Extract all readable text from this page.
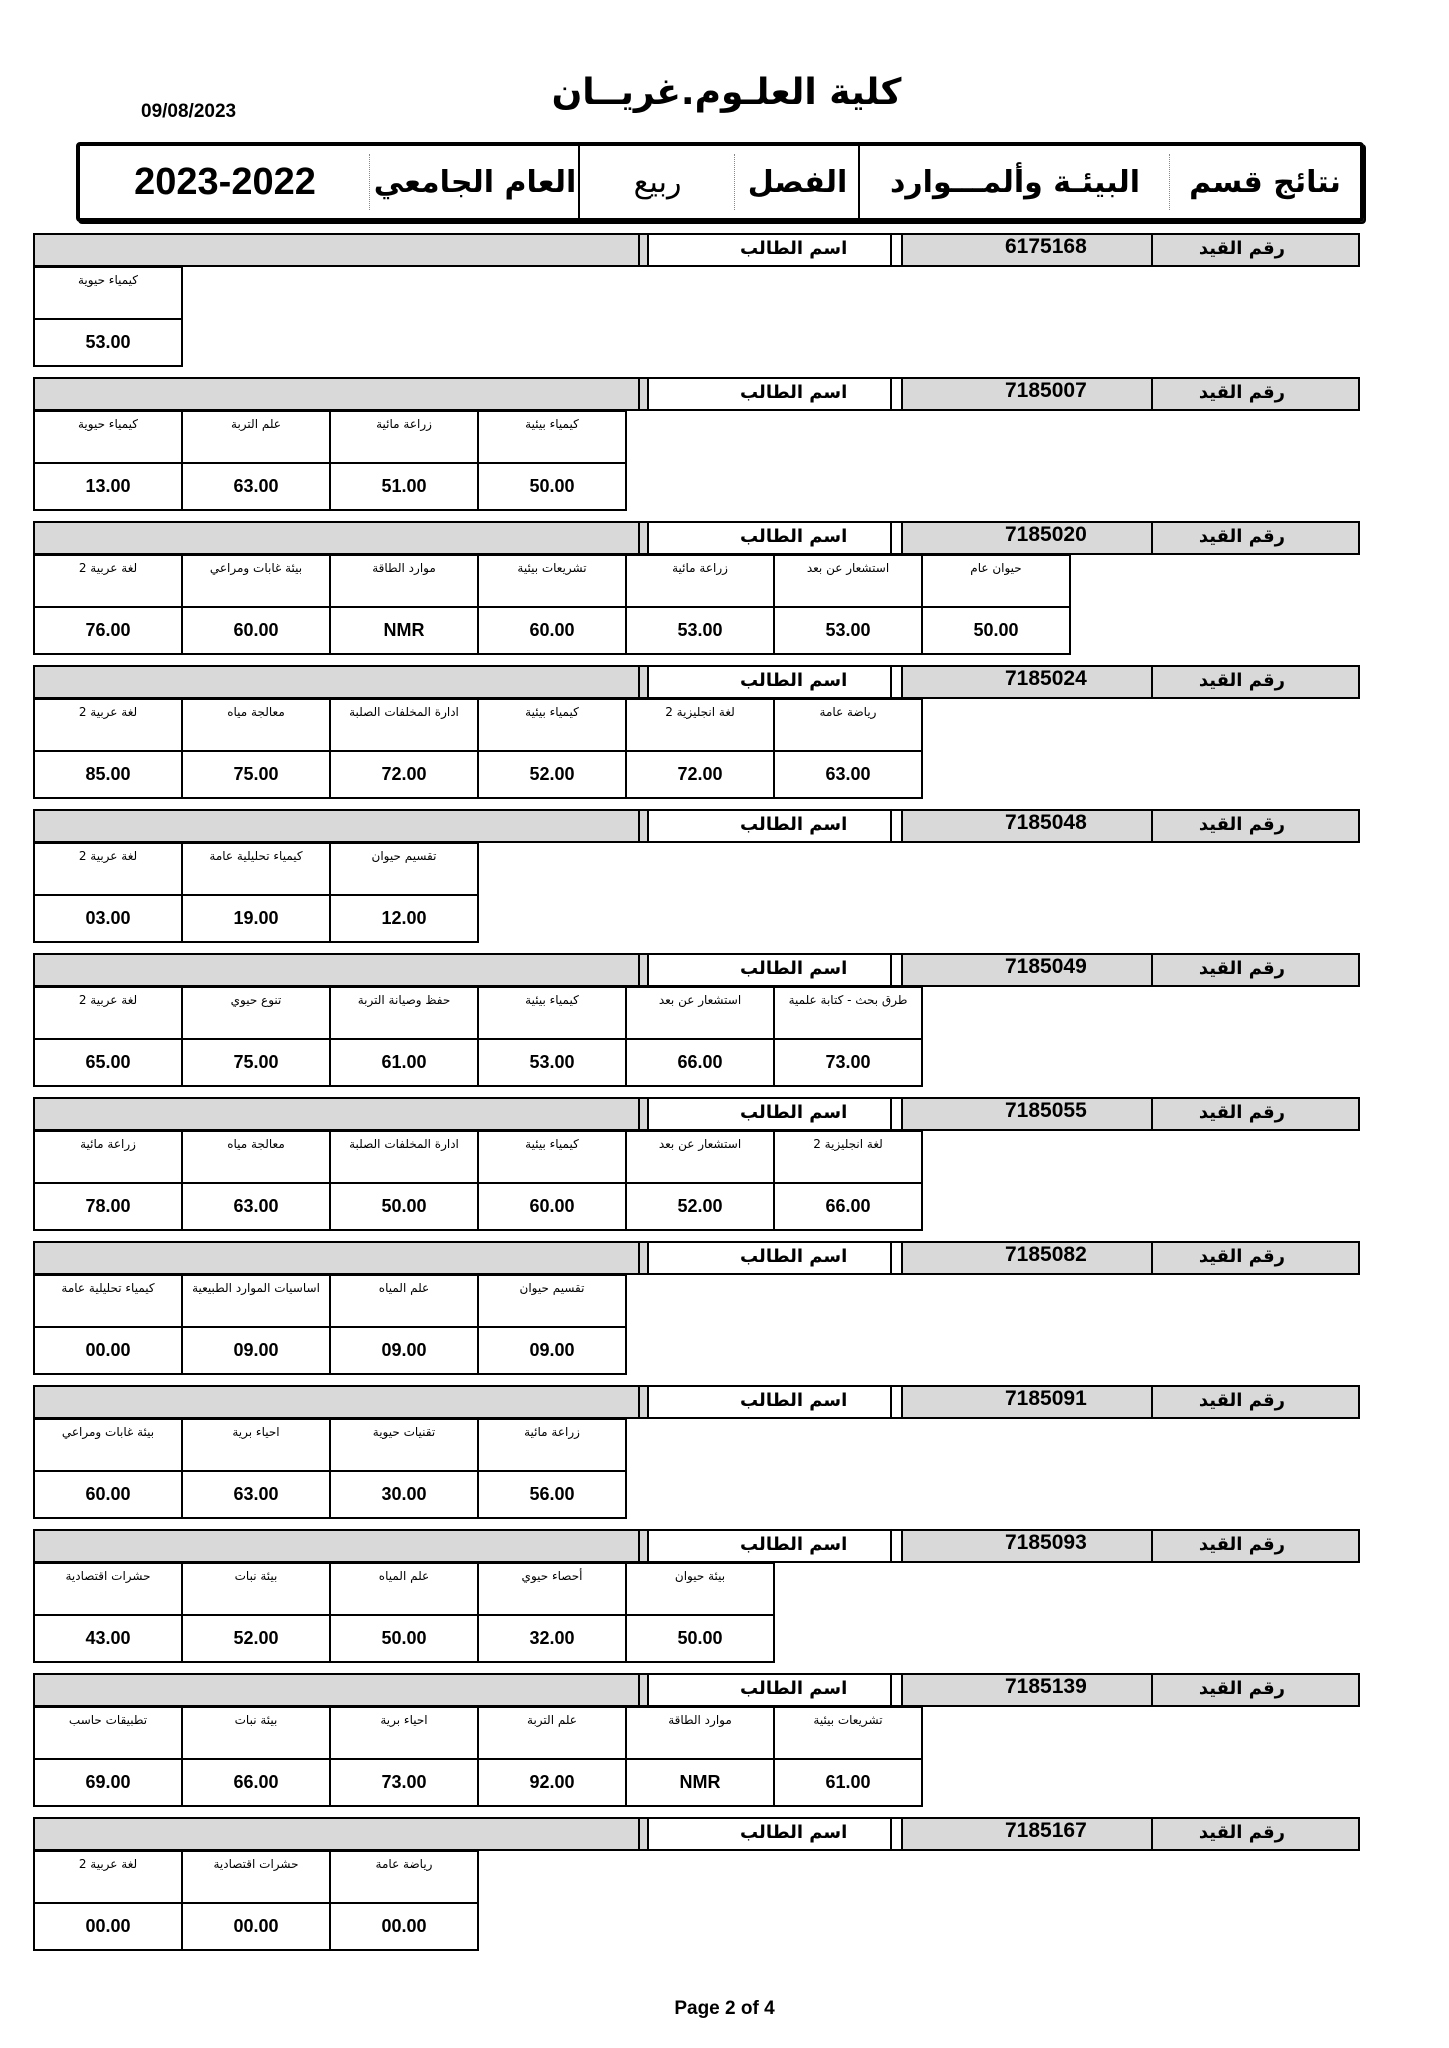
09/08/2023	كلية العلـوم.غريــان
نتائج قسم
البيئـة وألمـــوارد
الفصل
ربيع
العام الجامعي
2023-2022
رقم القيد
6175168
اسم الطالب
كيمياء حيوية
53.00
رقم القيد
7185007
اسم الطالب
كيمياء حيوية
13.00
علم التربة
63.00
زراعة مائية
51.00
كيمياء بيئية
50.00
رقم القيد
7185020
اسم الطالب
لغة عربية 2
76.00
بيئة غابات ومراعي
60.00
موارد الطاقة
NMR
تشريعات بيئية
60.00
زراعة مائية
53.00
استشعار عن بعد
53.00
حيوان عام
50.00
رقم القيد
7185024
اسم الطالب
لغة عربية 2
85.00
معالجة مياه
75.00
ادارة المخلفات الصلبة
72.00
كيمياء بيئية
52.00
لغة انجليزية 2
72.00
رياضة عامة
63.00
رقم القيد
7185048
اسم الطالب
لغة عربية 2
03.00
كيمياء تحليلية عامة
19.00
تقسيم حيوان
12.00
رقم القيد
7185049
اسم الطالب
لغة عربية 2
65.00
تنوع حيوي
75.00
حفظ وصيانة التربة
61.00
كيمياء بيئية
53.00
استشعار عن بعد
66.00
طرق بحث - كتابة علمية
73.00
رقم القيد
7185055
اسم الطالب
زراعة مائية
78.00
معالجة مياه
63.00
ادارة المخلفات الصلبة
50.00
كيمياء بيئية
60.00
استشعار عن بعد
52.00
لغة انجليزية 2
66.00
رقم القيد
7185082
اسم الطالب
كيمياء تحليلية عامة
00.00
اساسيات الموارد الطبيعية
09.00
علم المياه
09.00
تقسيم حيوان
09.00
رقم القيد
7185091
اسم الطالب
بيئة غابات ومراعي
60.00
احياء برية
63.00
تقنيات حيوية
30.00
زراعة مائية
56.00
رقم القيد
7185093
اسم الطالب
حشرات اقتصادية
43.00
بيئة نبات
52.00
علم المياه
50.00
أحصاء حيوي
32.00
بيئة حيوان
50.00
رقم القيد
7185139
اسم الطالب
تطبيقات حاسب
69.00
بيئة نبات
66.00
احياء برية
73.00
علم التربة
92.00
موارد الطاقة
NMR
تشريعات بيئية
61.00
رقم القيد
7185167
اسم الطالب
لغة عربية 2
00.00
حشرات اقتصادية
00.00
رياضة عامة
00.00
Page 2 of 4
